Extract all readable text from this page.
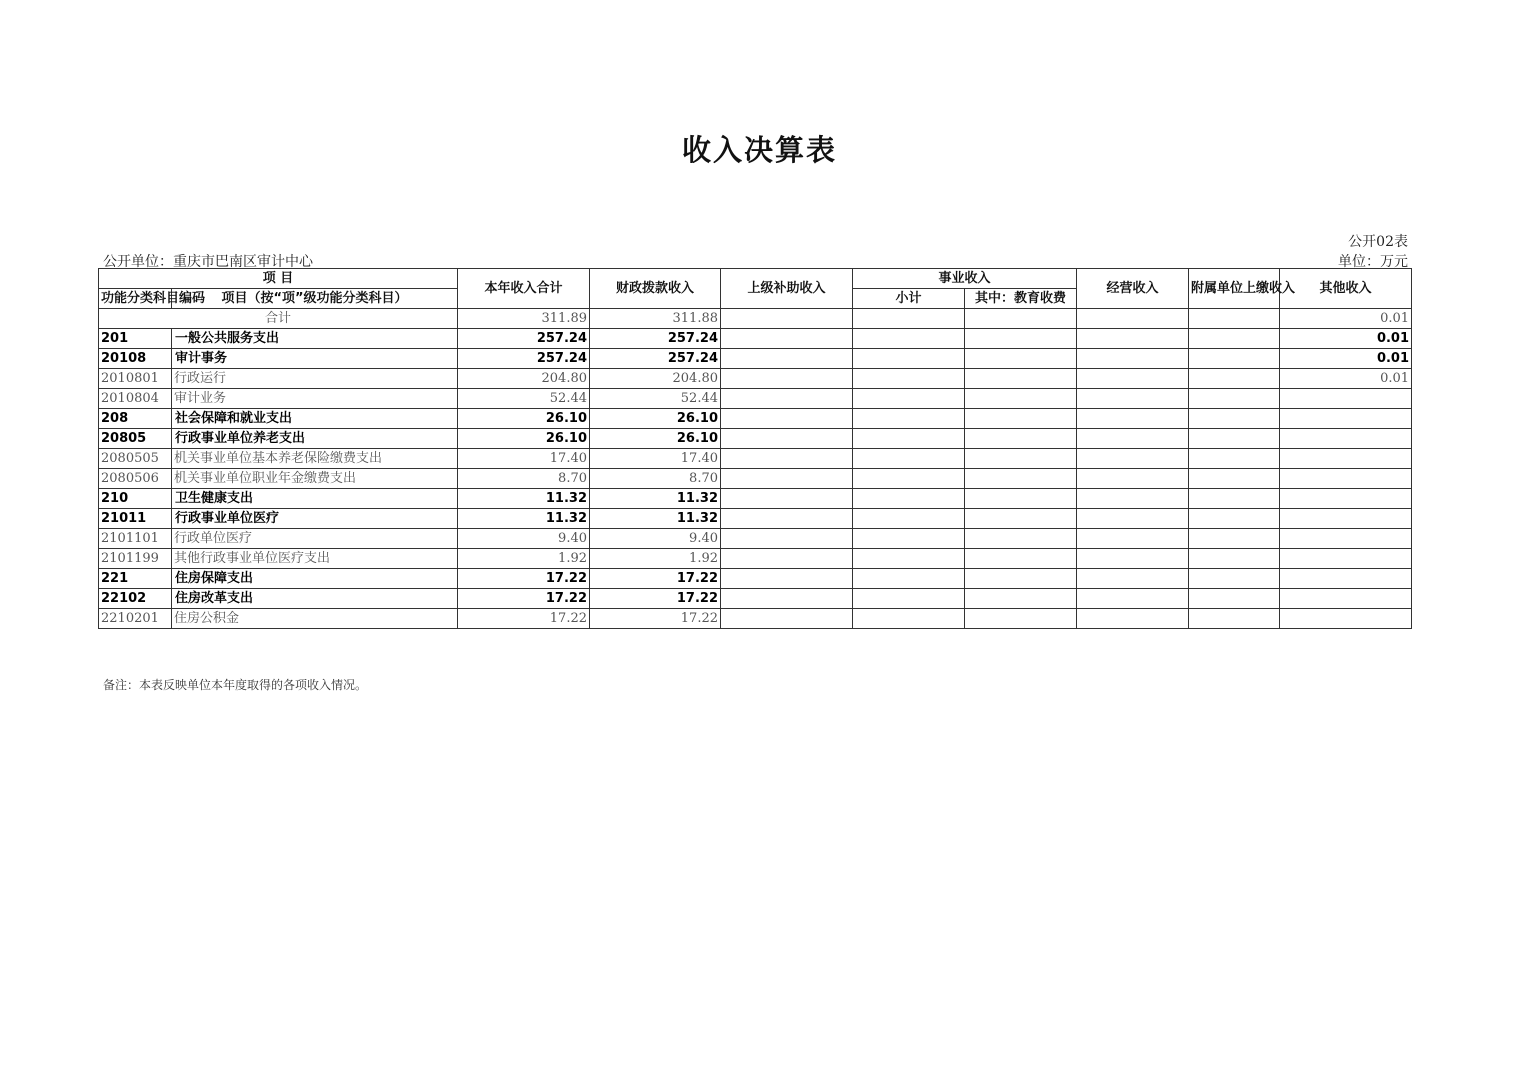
收入决算表
公开02表
公开单位：重庆市巴南区审计中心	单位：万元
项 目		本年收入合计	财政拨款收入	上级补助收入	事业收入		经营收入	附属单位上缴收入	其他收入
功能分类科目编码	项目（按“项”级功能分类科目）				小计	其中：教育收费			
合计		311.89	311.88						0.01
201	一般公共服务支出	257.24	257.24						0.01
20108	审计事务	257.24	257.24						0.01
2010801	行政运行	204.80	204.80						0.01
2010804	审计业务	52.44	52.44						
208	社会保障和就业支出	26.10	26.10						
20805	行政事业单位养老支出	26.10	26.10						
2080505	机关事业单位基本养老保险缴费支出	17.40	17.40						
2080506	机关事业单位职业年金缴费支出	8.70	8.70						
210	卫生健康支出	11.32	11.32						
21011	行政事业单位医疗	11.32	11.32						
2101101	行政单位医疗	9.40	9.40						
2101199	其他行政事业单位医疗支出	1.92	1.92						
221	住房保障支出	17.22	17.22						
22102	住房改革支出	17.22	17.22						
2210201	住房公积金	17.22	17.22						
备注：本表反映单位本年度取得的各项收入情况。
